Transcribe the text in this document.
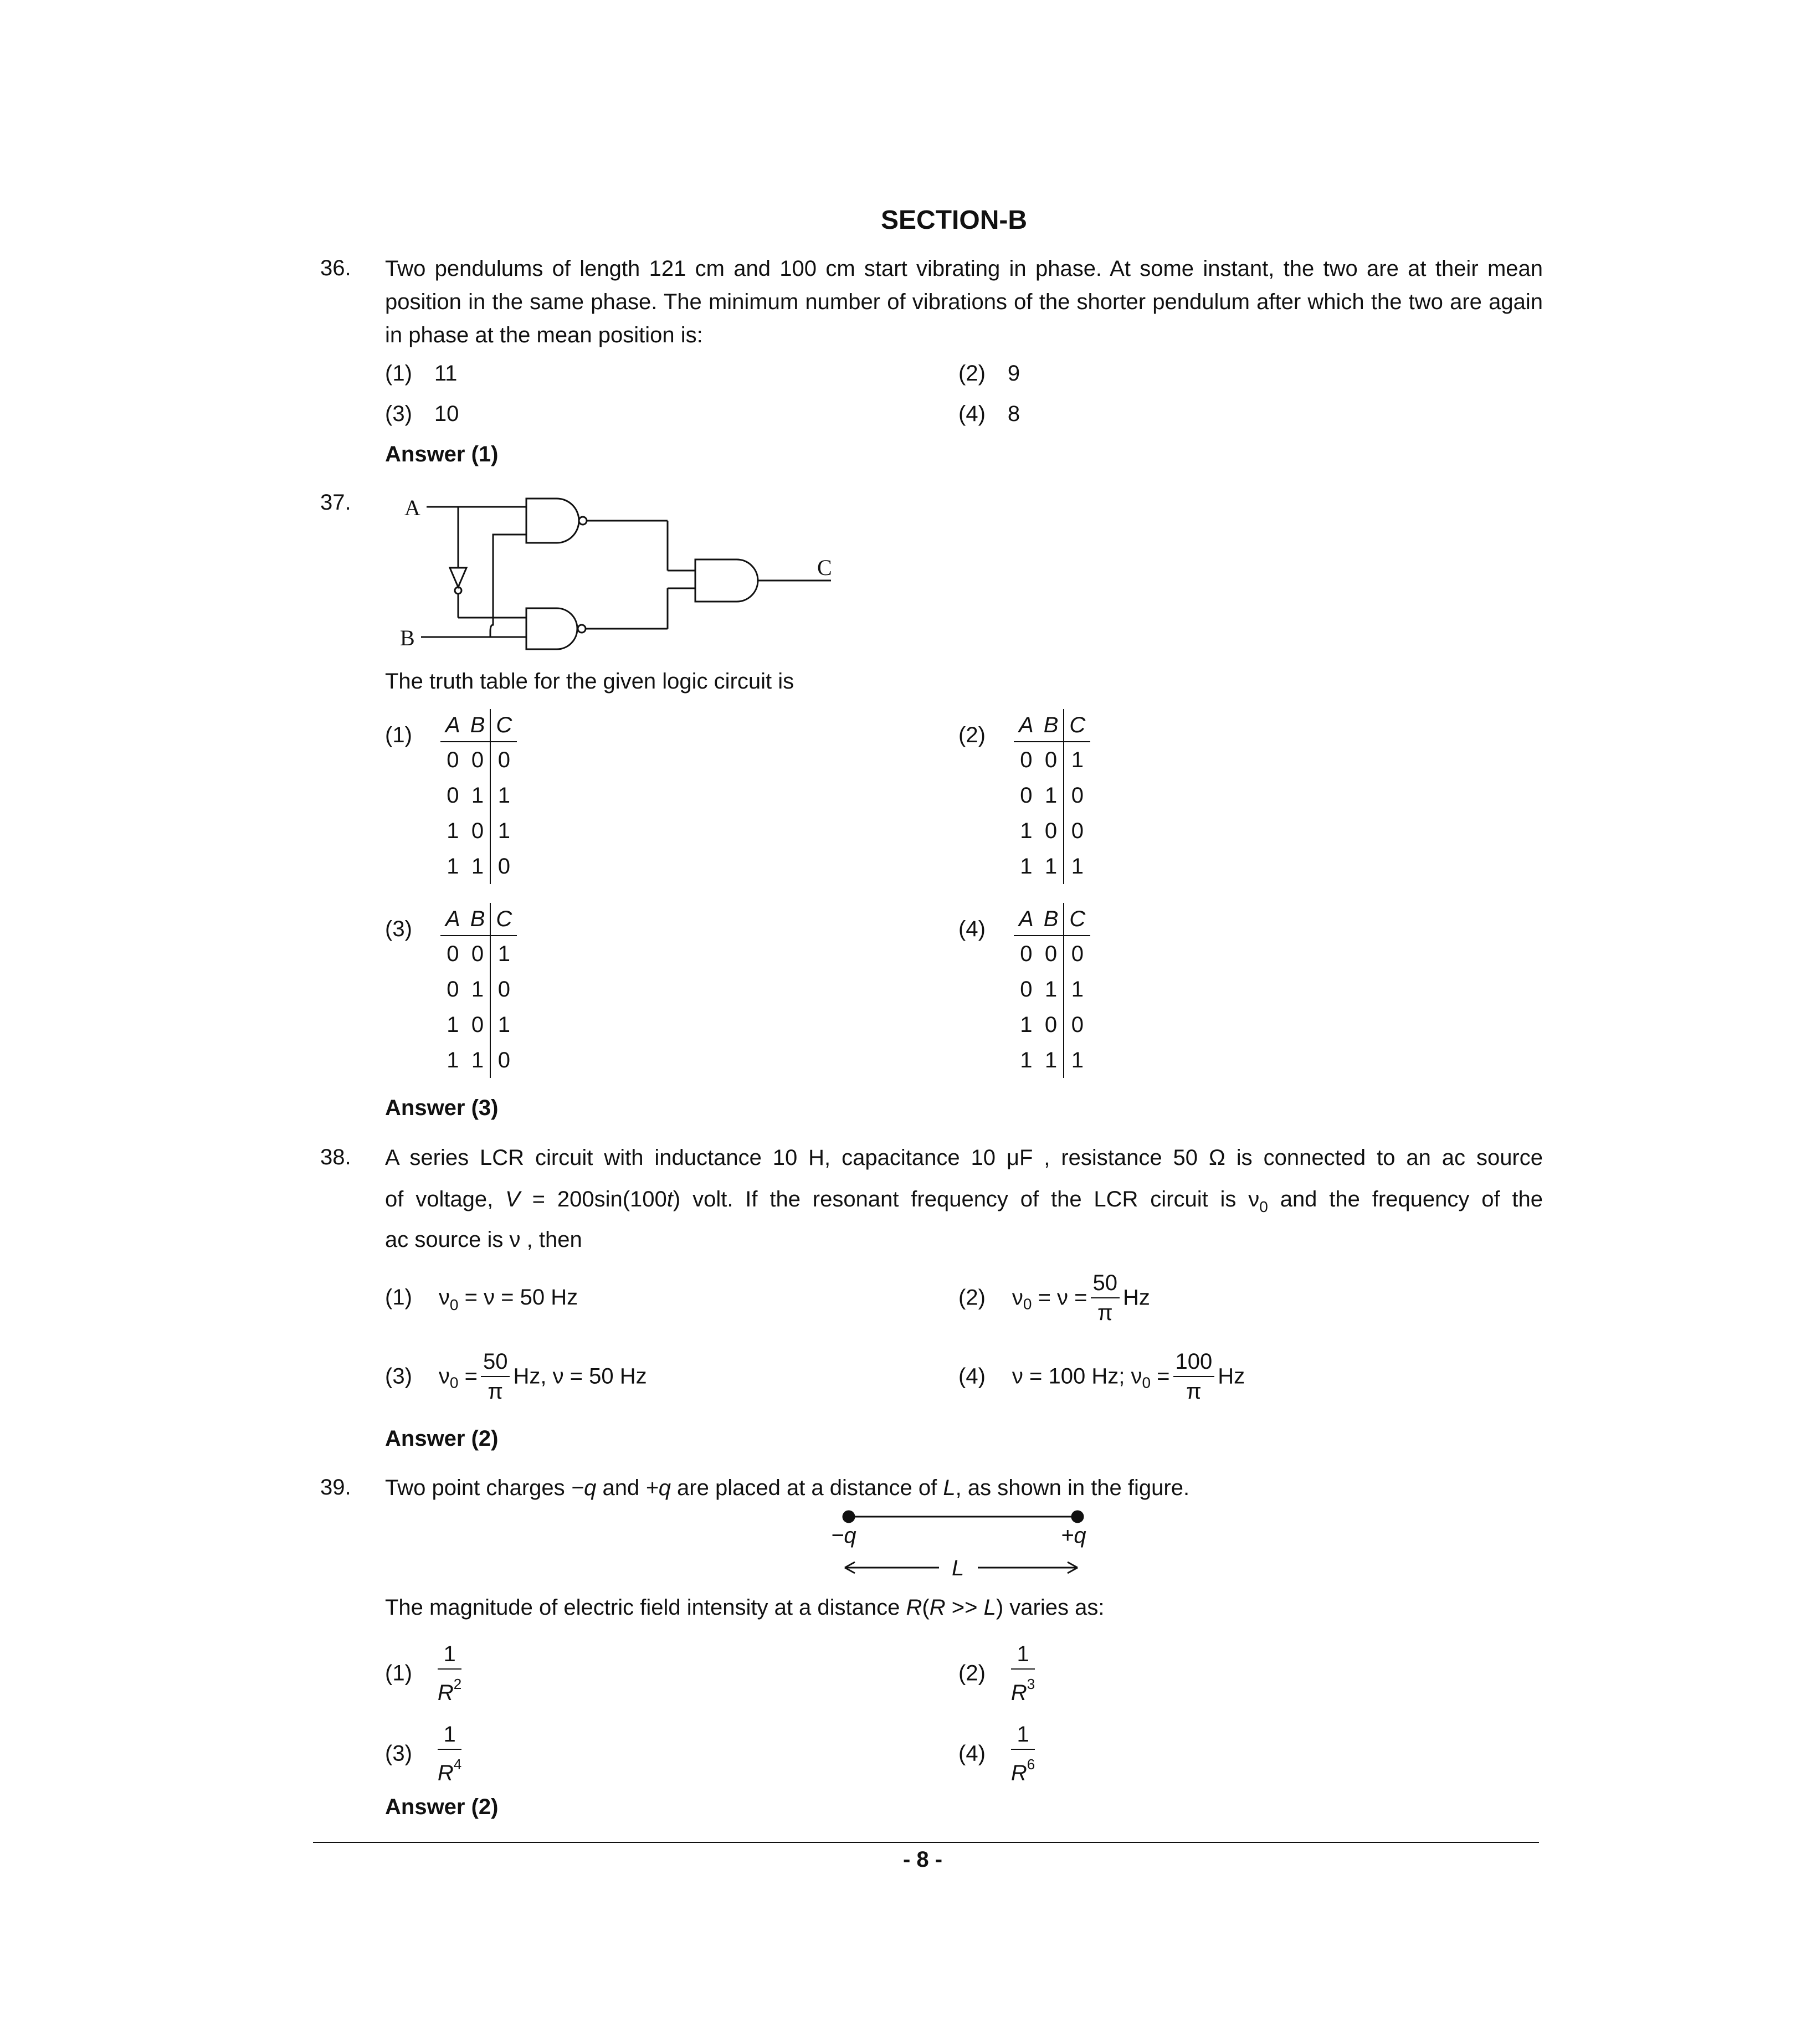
SECTION-B
36. Two pendulums of length 121 cm and 100 cm start vibrating in phase. At some instant, the two are at their mean position in the same phase. The minimum number of vibrations of the shorter pendulum after which the two are again in phase at the mean position is:
(1) 11	(2) 9
(3) 10	(4) 8
Answer (1)
37. A
B
C
The truth table for the given logic circuit is
(1) A	B	C
0	0	0
0	1	1
1	0	1
1	1	0
(2) A	B	C
0	0	1
0	1	0
1	0	0
1	1	1
(3) A	B	C
0	0	1
0	1	0
1	0	1
1	1	0
(4) A	B	C
0	0	0
0	1	1
1	0	0
1	1	1
Answer (3)
38. A series LCR circuit with inductance 10 H, capacitance 10 μF , resistance 50 Ω is connected to an ac source
of voltage, V = 200sin(100t) volt. If the resonant frequency of the LCR circuit is $\nu_0$ and the frequency of the
ac source is ν , then
(1) $\nu_0 = \nu = 50$ Hz	(2) $\nu_0 = \nu = \frac{50}{\pi}$ Hz
(3) $\nu_0 = \frac{50}{\pi} Hz$, ν = 50 Hz	(4) ν = 100 Hz; $\nu_0 = \frac{100}{\pi}$ Hz
Answer (2)
39. Two point charges −q and +q are placed at a distance of L, as shown in the figure.
−q	+q
L
The magnitude of electric field intensity at a distance R(R >> L) varies as:
$(1) \frac{1}{R^2}$	$(2) \frac{1}{R^3}$
$(3) \frac{1}{R^4}$	$(4) \frac{1}{R^6}$
Answer (2)
- 8 -
